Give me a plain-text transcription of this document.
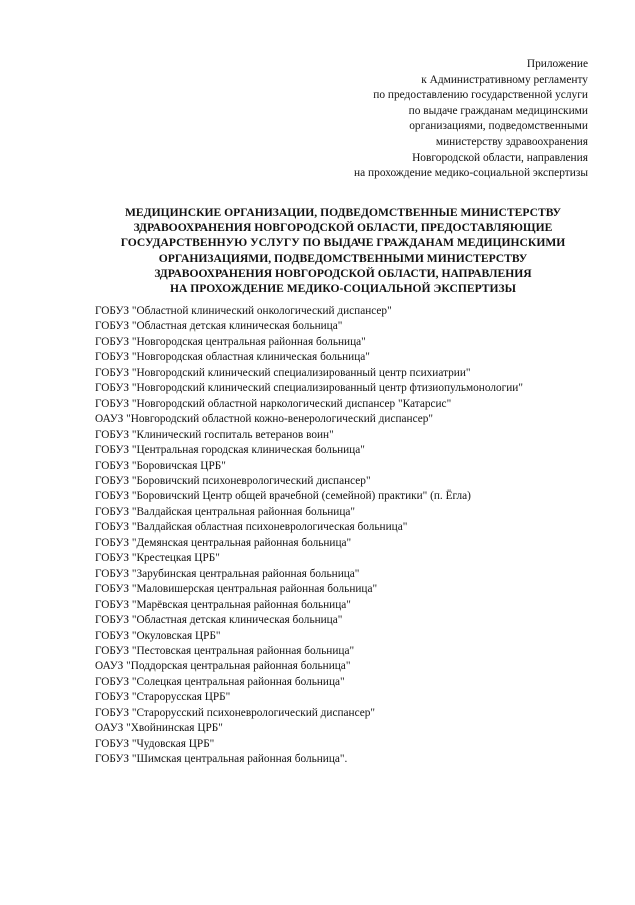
Приложение
к Административному регламенту
по предоставлению государственной услуги
по выдаче гражданам медицинскими
организациями, подведомственными
министерству здравоохранения
Новгородской области, направления
на прохождение медико-социальной экспертизы
МЕДИЦИНСКИЕ ОРГАНИЗАЦИИ, ПОДВЕДОМСТВЕННЫЕ МИНИСТЕРСТВУ
ЗДРАВООХРАНЕНИЯ НОВГОРОДСКОЙ ОБЛАСТИ, ПРЕДОСТАВЛЯЮЩИЕ
ГОСУДАРСТВЕННУЮ УСЛУГУ ПО ВЫДАЧЕ ГРАЖДАНАМ МЕДИЦИНСКИМИ
ОРГАНИЗАЦИЯМИ, ПОДВЕДОМСТВЕННЫМИ МИНИСТЕРСТВУ
ЗДРАВООХРАНЕНИЯ НОВГОРОДСКОЙ ОБЛАСТИ, НАПРАВЛЕНИЯ
НА ПРОХОЖДЕНИЕ МЕДИКО-СОЦИАЛЬНОЙ ЭКСПЕРТИЗЫ
ГОБУЗ "Областной клинический онкологический диспансер"
ГОБУЗ "Областная детская клиническая больница"
ГОБУЗ "Новгородская центральная районная больница"
ГОБУЗ "Новгородская областная клиническая больница"
ГОБУЗ "Новгородский клинический специализированный центр психиатрии"
ГОБУЗ "Новгородский клинический специализированный центр фтизиопульмонологии"
ГОБУЗ "Новгородский областной наркологический диспансер "Катарсис"
ОАУЗ "Новгородский областной кожно-венерологический диспансер"
ГОБУЗ "Клинический госпиталь ветеранов воин"
ГОБУЗ "Центральная городская клиническая больница"
ГОБУЗ "Боровичская ЦРБ"
ГОБУЗ "Боровичский психоневрологический диспансер"
ГОБУЗ "Боровичский Центр общей врачебной (семейной) практики" (п. Ёгла)
ГОБУЗ "Валдайская центральная районная больница"
ГОБУЗ "Валдайская областная психоневрологическая больница"
ГОБУЗ "Демянская центральная районная больница"
ГОБУЗ "Крестецкая ЦРБ"
ГОБУЗ "Зарубинская центральная районная больница"
ГОБУЗ "Маловишерская центральная районная больница"
ГОБУЗ "Марёвская центральная районная больница"
ГОБУЗ "Областная детская клиническая больница"
ГОБУЗ "Окуловская ЦРБ"
ГОБУЗ "Пестовская центральная районная больница"
ОАУЗ "Поддорская центральная районная больница"
ГОБУЗ "Солецкая центральная районная больница"
ГОБУЗ "Старорусская ЦРБ"
ГОБУЗ "Старорусский психоневрологический диспансер"
ОАУЗ "Хвойнинская ЦРБ"
ГОБУЗ "Чудовская ЦРБ"
ГОБУЗ "Шимская центральная районная больница".
